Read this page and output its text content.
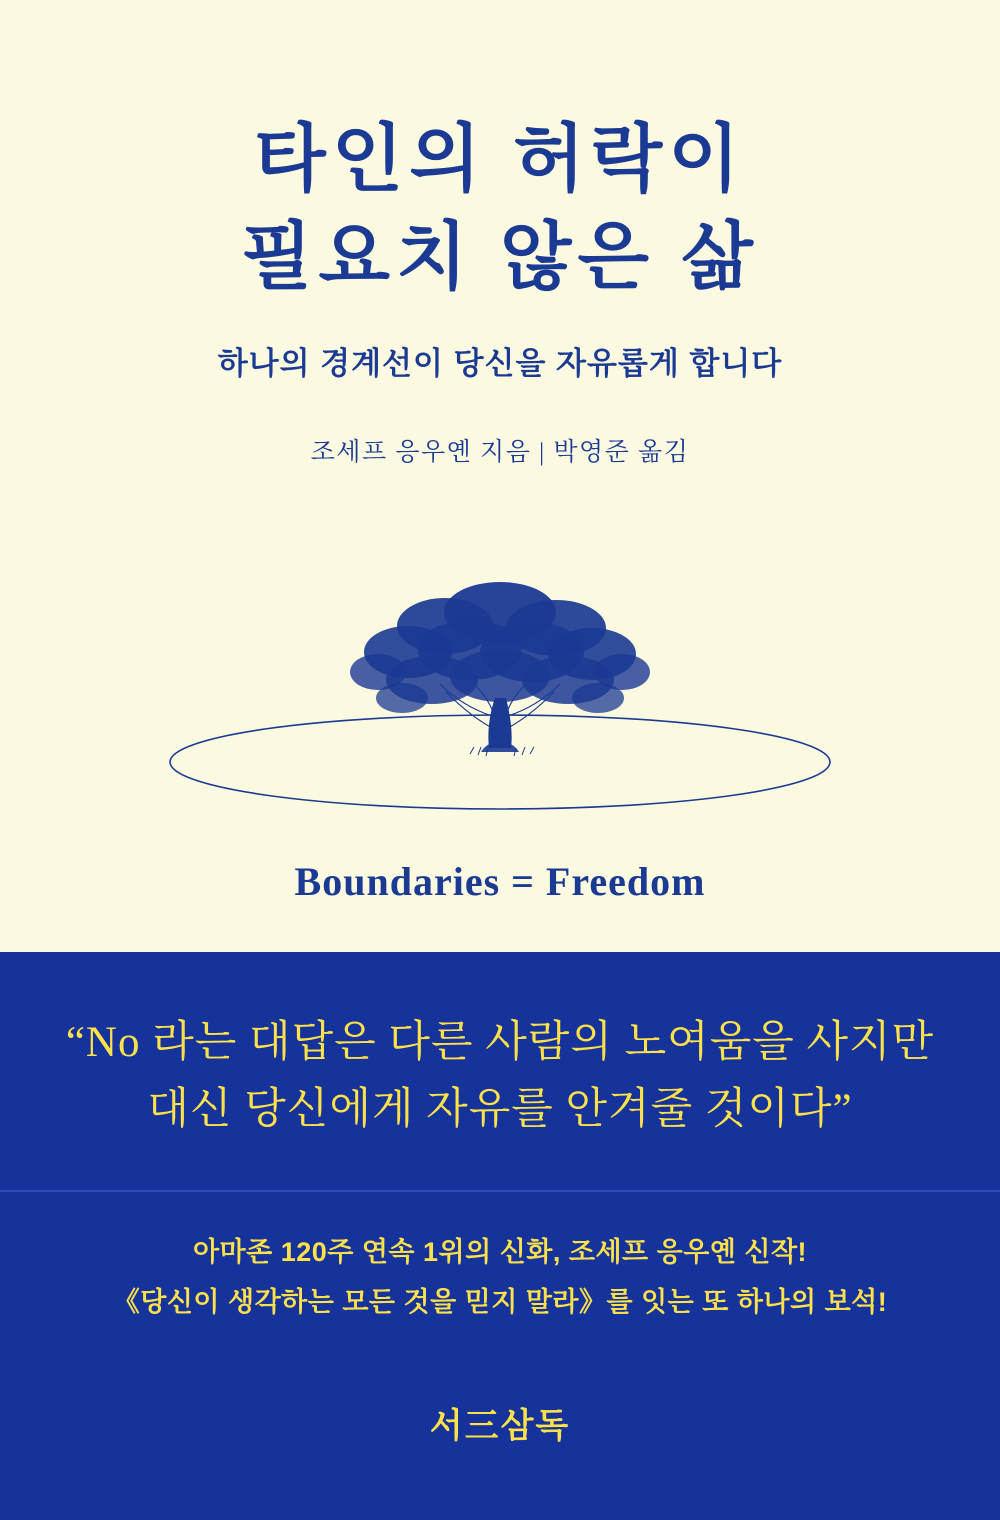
타인의 허락이
필요치 않은 삶
하나의 경계선이 당신을 자유롭게 합니다
조세프 응우옌 지음 | 박영준 옮김
Boundaries = Freedom
“No 라는 대답은 다른 사람의 노여움을 사지만
대신 당신에게 자유를 안겨줄 것이다”
아마존 120주 연속 1위의 신화, 조세프 응우옌 신작!
《당신이 생각하는 모든 것을 믿지 말라》를 잇는 또 하나의 보석!
서三삼독
